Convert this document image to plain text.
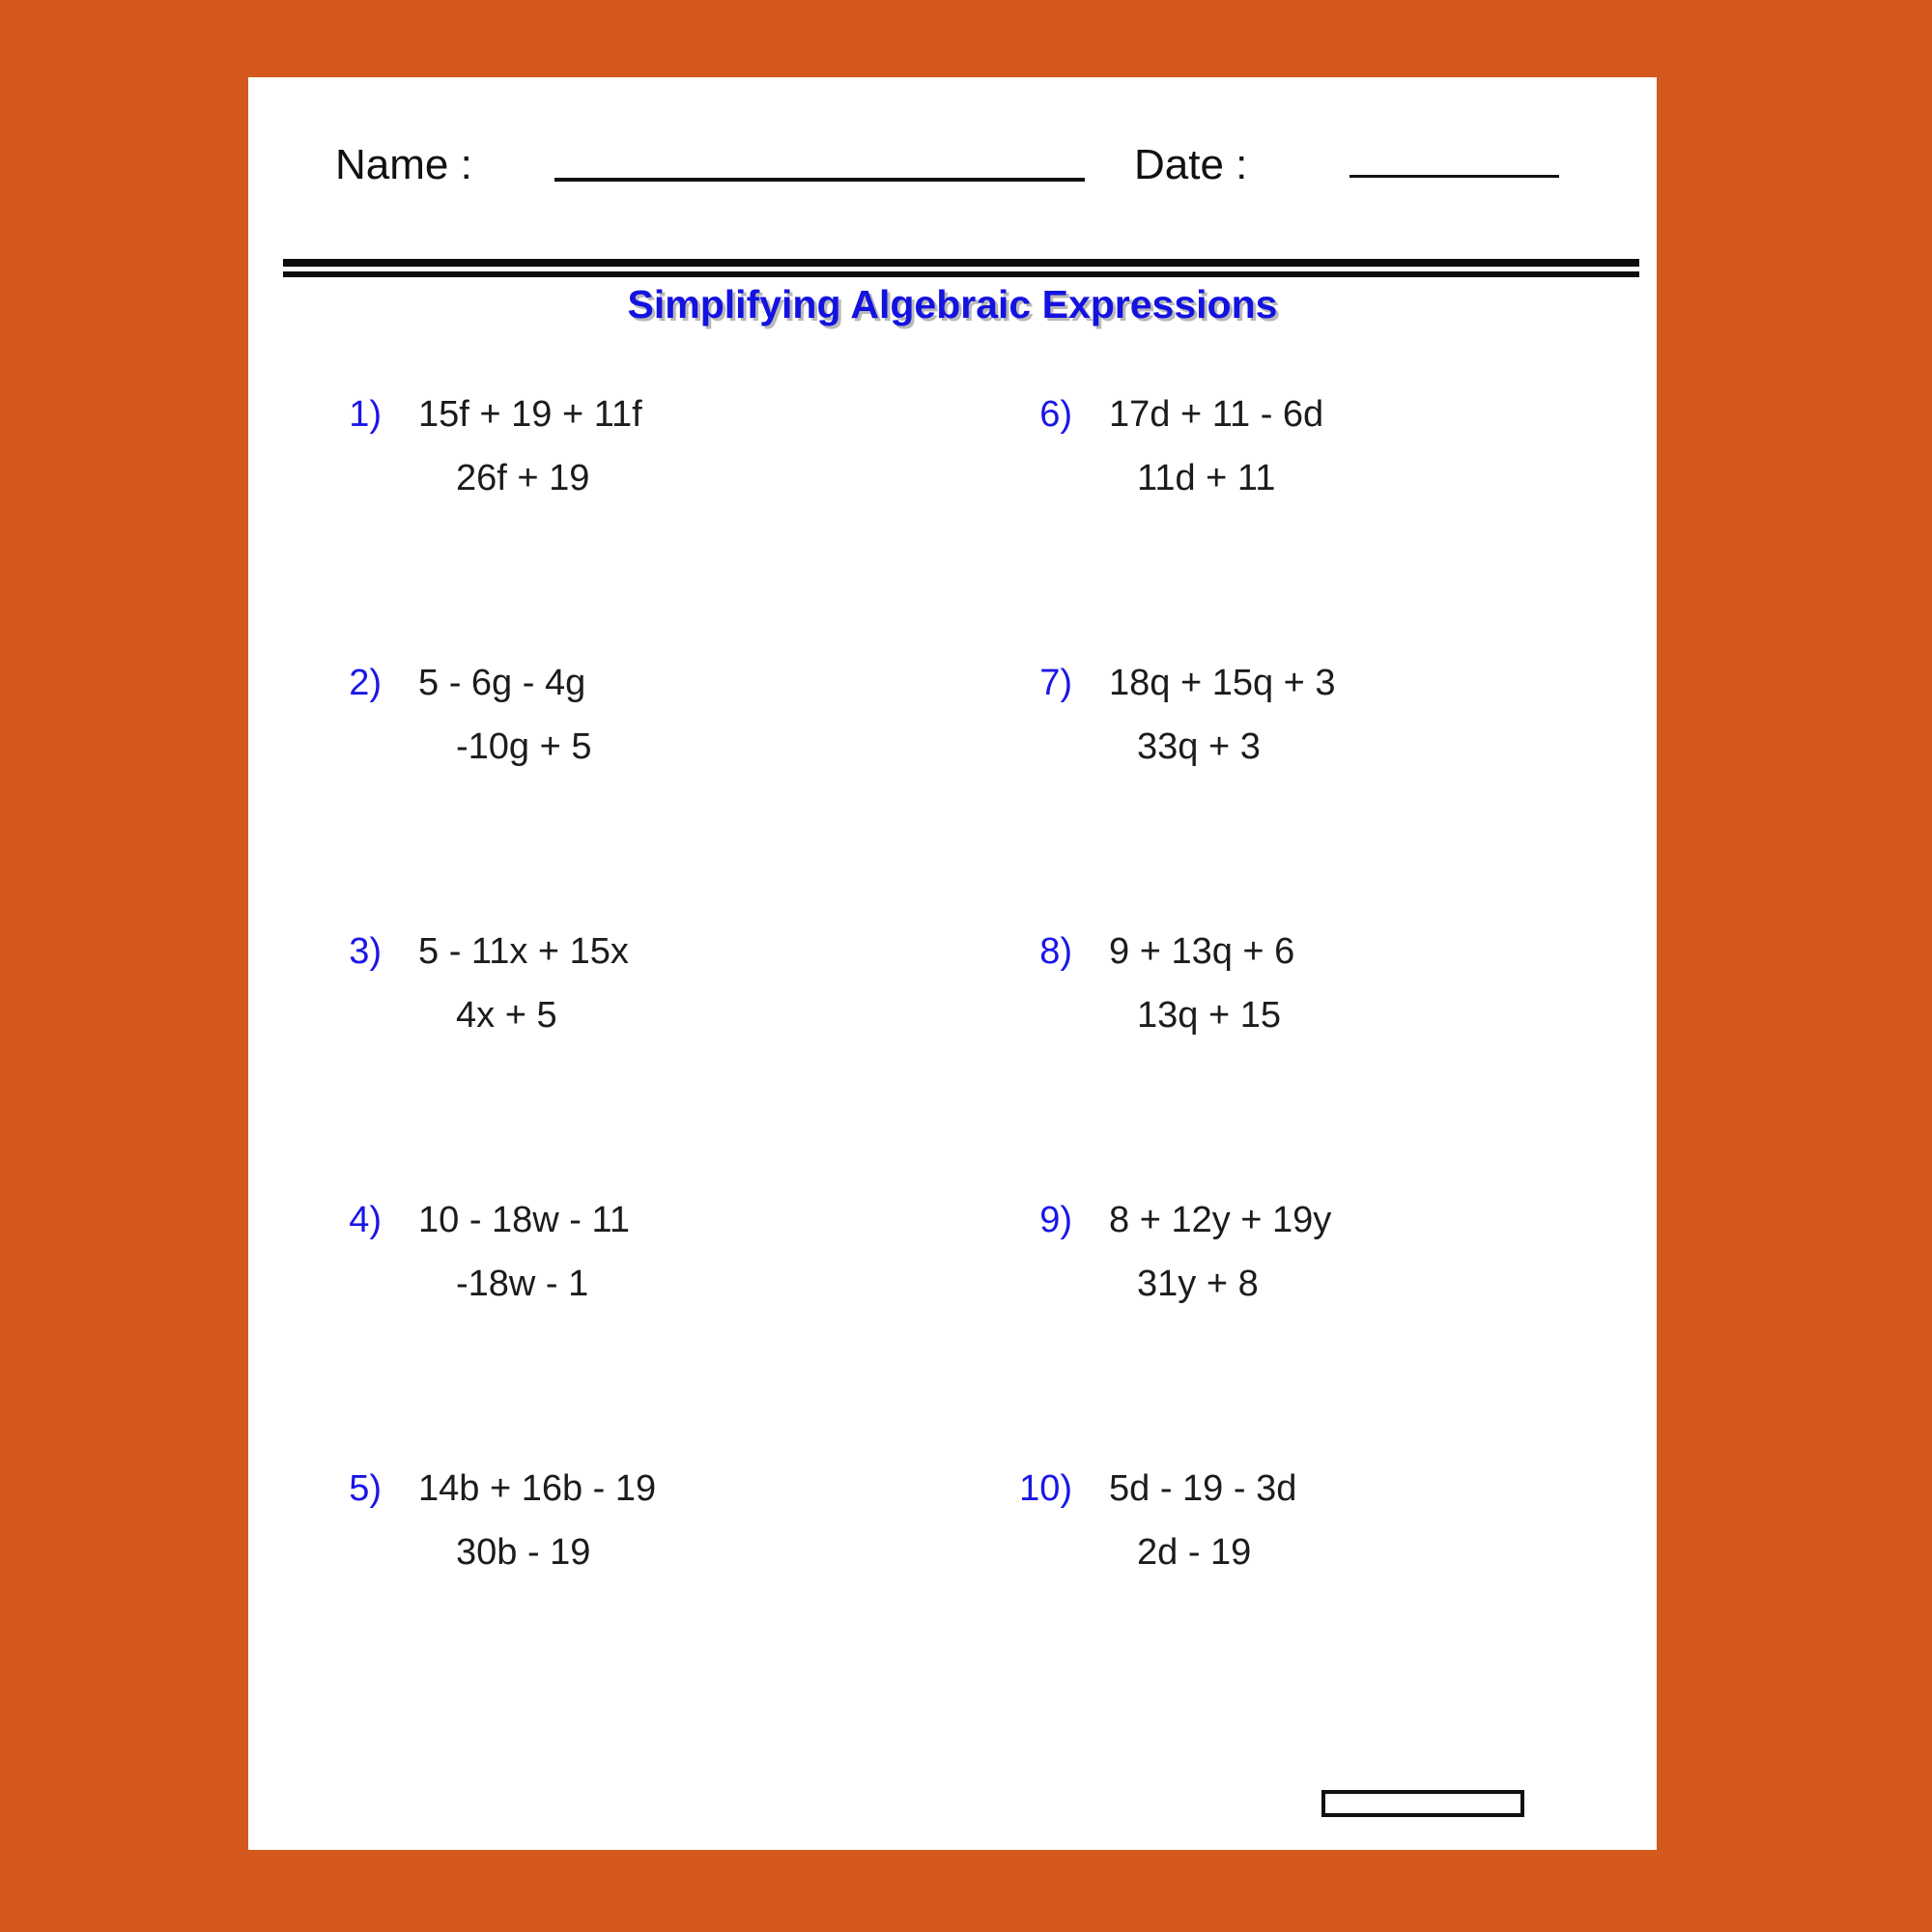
Name :	Date :
Simplifying Algebraic Expressions
1) 15f + 19 + 11f
26f + 19
2) 5 - 6g - 4g
-10g + 5
3) 5 - 11x + 15x
4x + 5
4) 10 - 18w - 11
-18w - 1
5) 14b + 16b - 19
30b - 19
6) 17d + 11 - 6d
11d + 11
7) 18q + 15q + 3
33q + 3
8) 9 + 13q + 6
13q + 15
9) 8 + 12y + 19y
31y + 8
10) 5d - 19 - 3d
2d - 19
